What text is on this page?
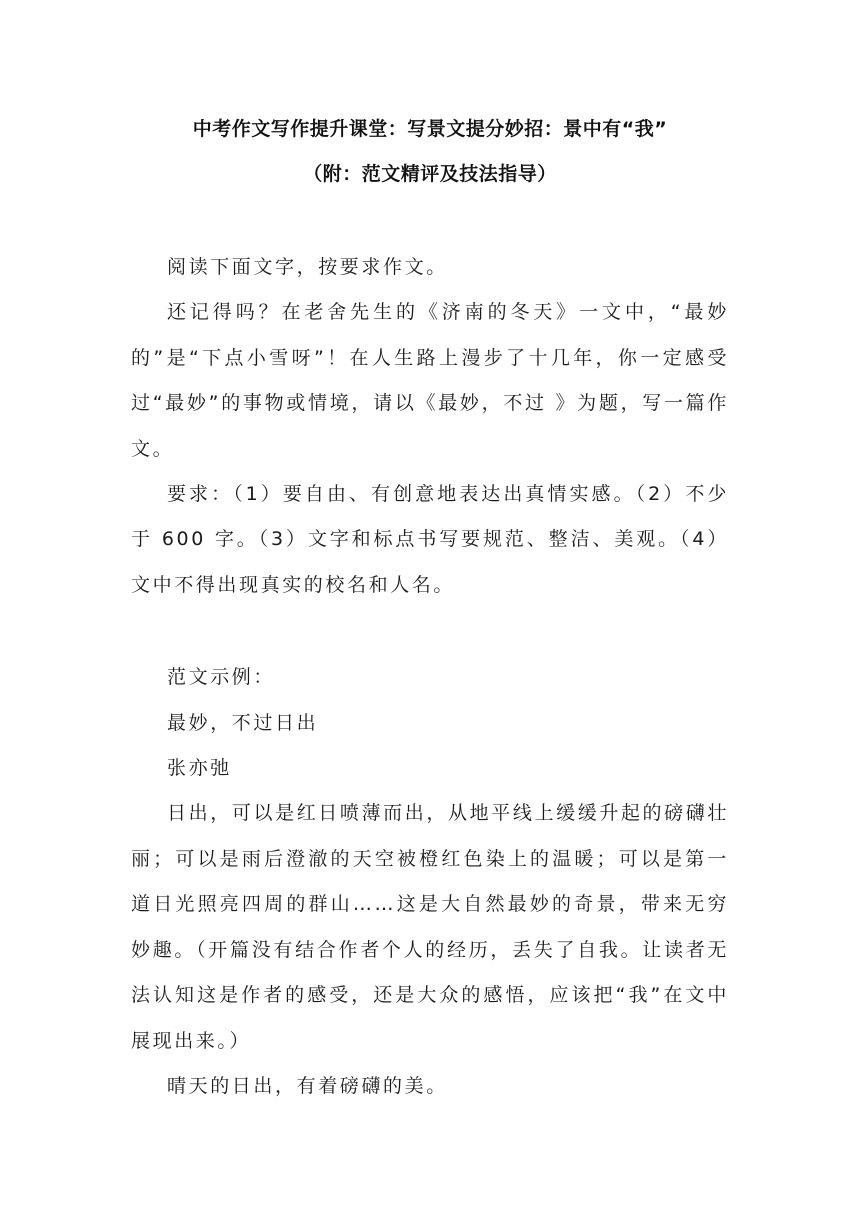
中考作文写作提升课堂：写景文提分妙招：景中有“我”
（附：范文精评及技法指导）

阅读下面文字，按要求作文。

还记得吗？在老舍先生的《济南的冬天》一文中，“最妙的”是“下点小雪呀”！在人生路上漫步了十几年，你一定感受过“最妙”的事物或情境，请以《最妙，不过 》为题，写一篇作文。

要求：（1）要自由、有创意地表达出真情实感。（2）不少于 600 字。（3）文字和标点书写要规范、整洁、美观。（4）文中不得出现真实的校名和人名。

范文示例：

最妙，不过日出

张亦弛

日出，可以是红日喷薄而出，从地平线上缓缓升起的磅礴壮丽；可以是雨后澄澈的天空被橙红色染上的温暖；可以是第一道日光照亮四周的群山……这是大自然最妙的奇景，带来无穷妙趣。（开篇没有结合作者个人的经历，丢失了自我。让读者无法认知这是作者的感受，还是大众的感悟，应该把“我”在文中展现出来。）

晴天的日出，有着磅礴的美。
